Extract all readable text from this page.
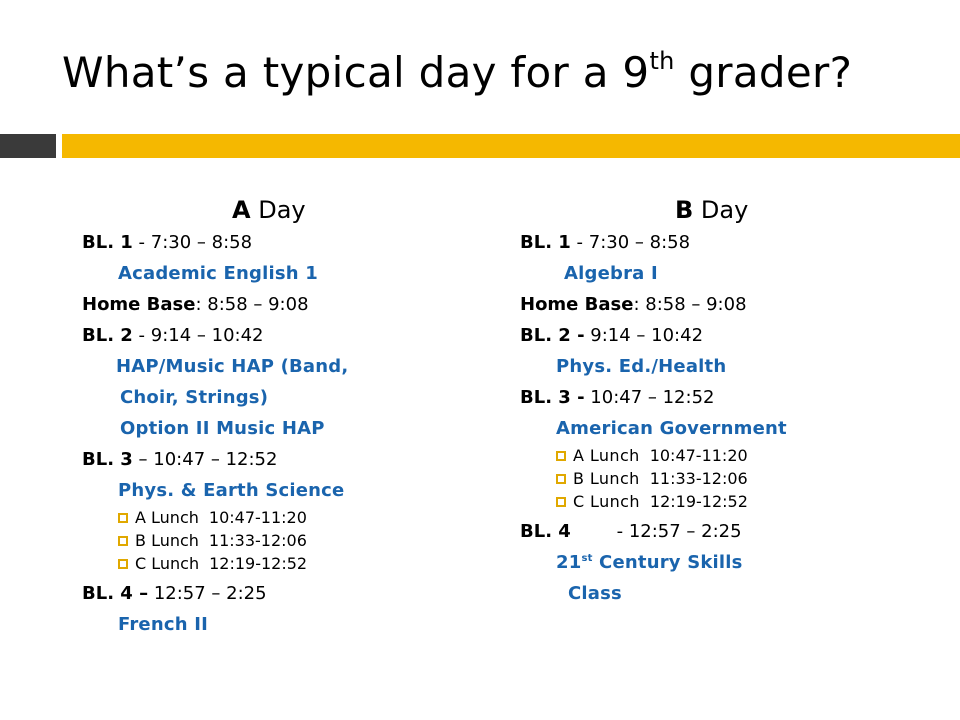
What’s a typical day for a 9th grader?
A Day
BL. 1 - 7:30 – 8:58
Academic English 1
Home Base: 8:58 – 9:08
BL. 2 - 9:14 – 10:42
HAP/Music HAP (Band,
Choir, Strings)
Option II Music HAP
BL. 3 – 10:47 – 12:52
Phys. & Earth Science
A Lunch 10:47-11:20
B Lunch 11:33-12:06
C Lunch 12:19-12:52
BL. 4 – 12:57 – 2:25
French II
B Day
BL. 1 - 7:30 – 8:58
Algebra I
Home Base: 8:58 – 9:08
BL. 2 - 9:14 – 10:42
Phys. Ed./Health
BL. 3 - 10:47 – 12:52
American Government
A Lunch 10:47-11:20
B Lunch 11:33-12:06
C Lunch 12:19-12:52
BL. 4        - 12:57 – 2:25
21st Century Skills
Class
